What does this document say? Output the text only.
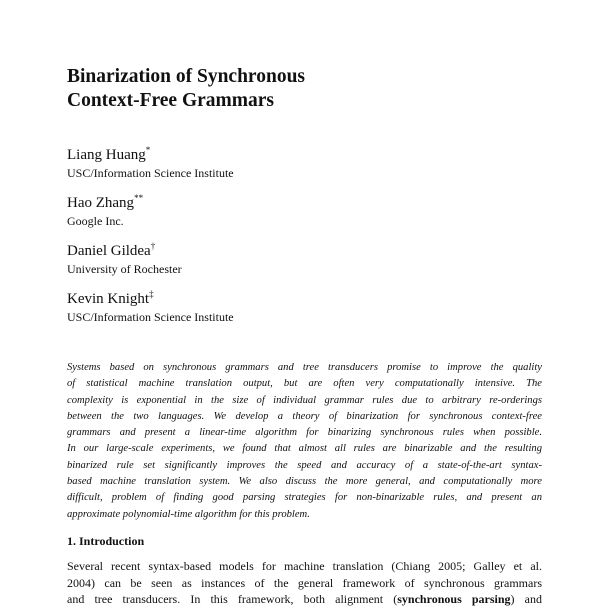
Binarization of Synchronous
Context-Free Grammars
Liang Huang*
USC/Information Science Institute
Hao Zhang**
Google Inc.
Daniel Gildea†
University of Rochester
Kevin Knight‡
USC/Information Science Institute
Systems based on synchronous grammars and tree transducers promise to improve the quality
of statistical machine translation output, but are often very computationally intensive. The
complexity is exponential in the size of individual grammar rules due to arbitrary re-orderings
between the two languages. We develop a theory of binarization for synchronous context-free
grammars and present a linear-time algorithm for binarizing synchronous rules when possible.
In our large-scale experiments, we found that almost all rules are binarizable and the resulting
binarized rule set significantly improves the speed and accuracy of a state-of-the-art syntax-
based machine translation system. We also discuss the more general, and computationally more
difficult, problem of finding good parsing strategies for non-binarizable rules, and present an
approximate polynomial-time algorithm for this problem.
1. Introduction
Several recent syntax-based models for machine translation (Chiang 2005; Galley et al.
2004) can be seen as instances of the general framework of synchronous grammars
and tree transducers. In this framework, both alignment (synchronous parsing) and
